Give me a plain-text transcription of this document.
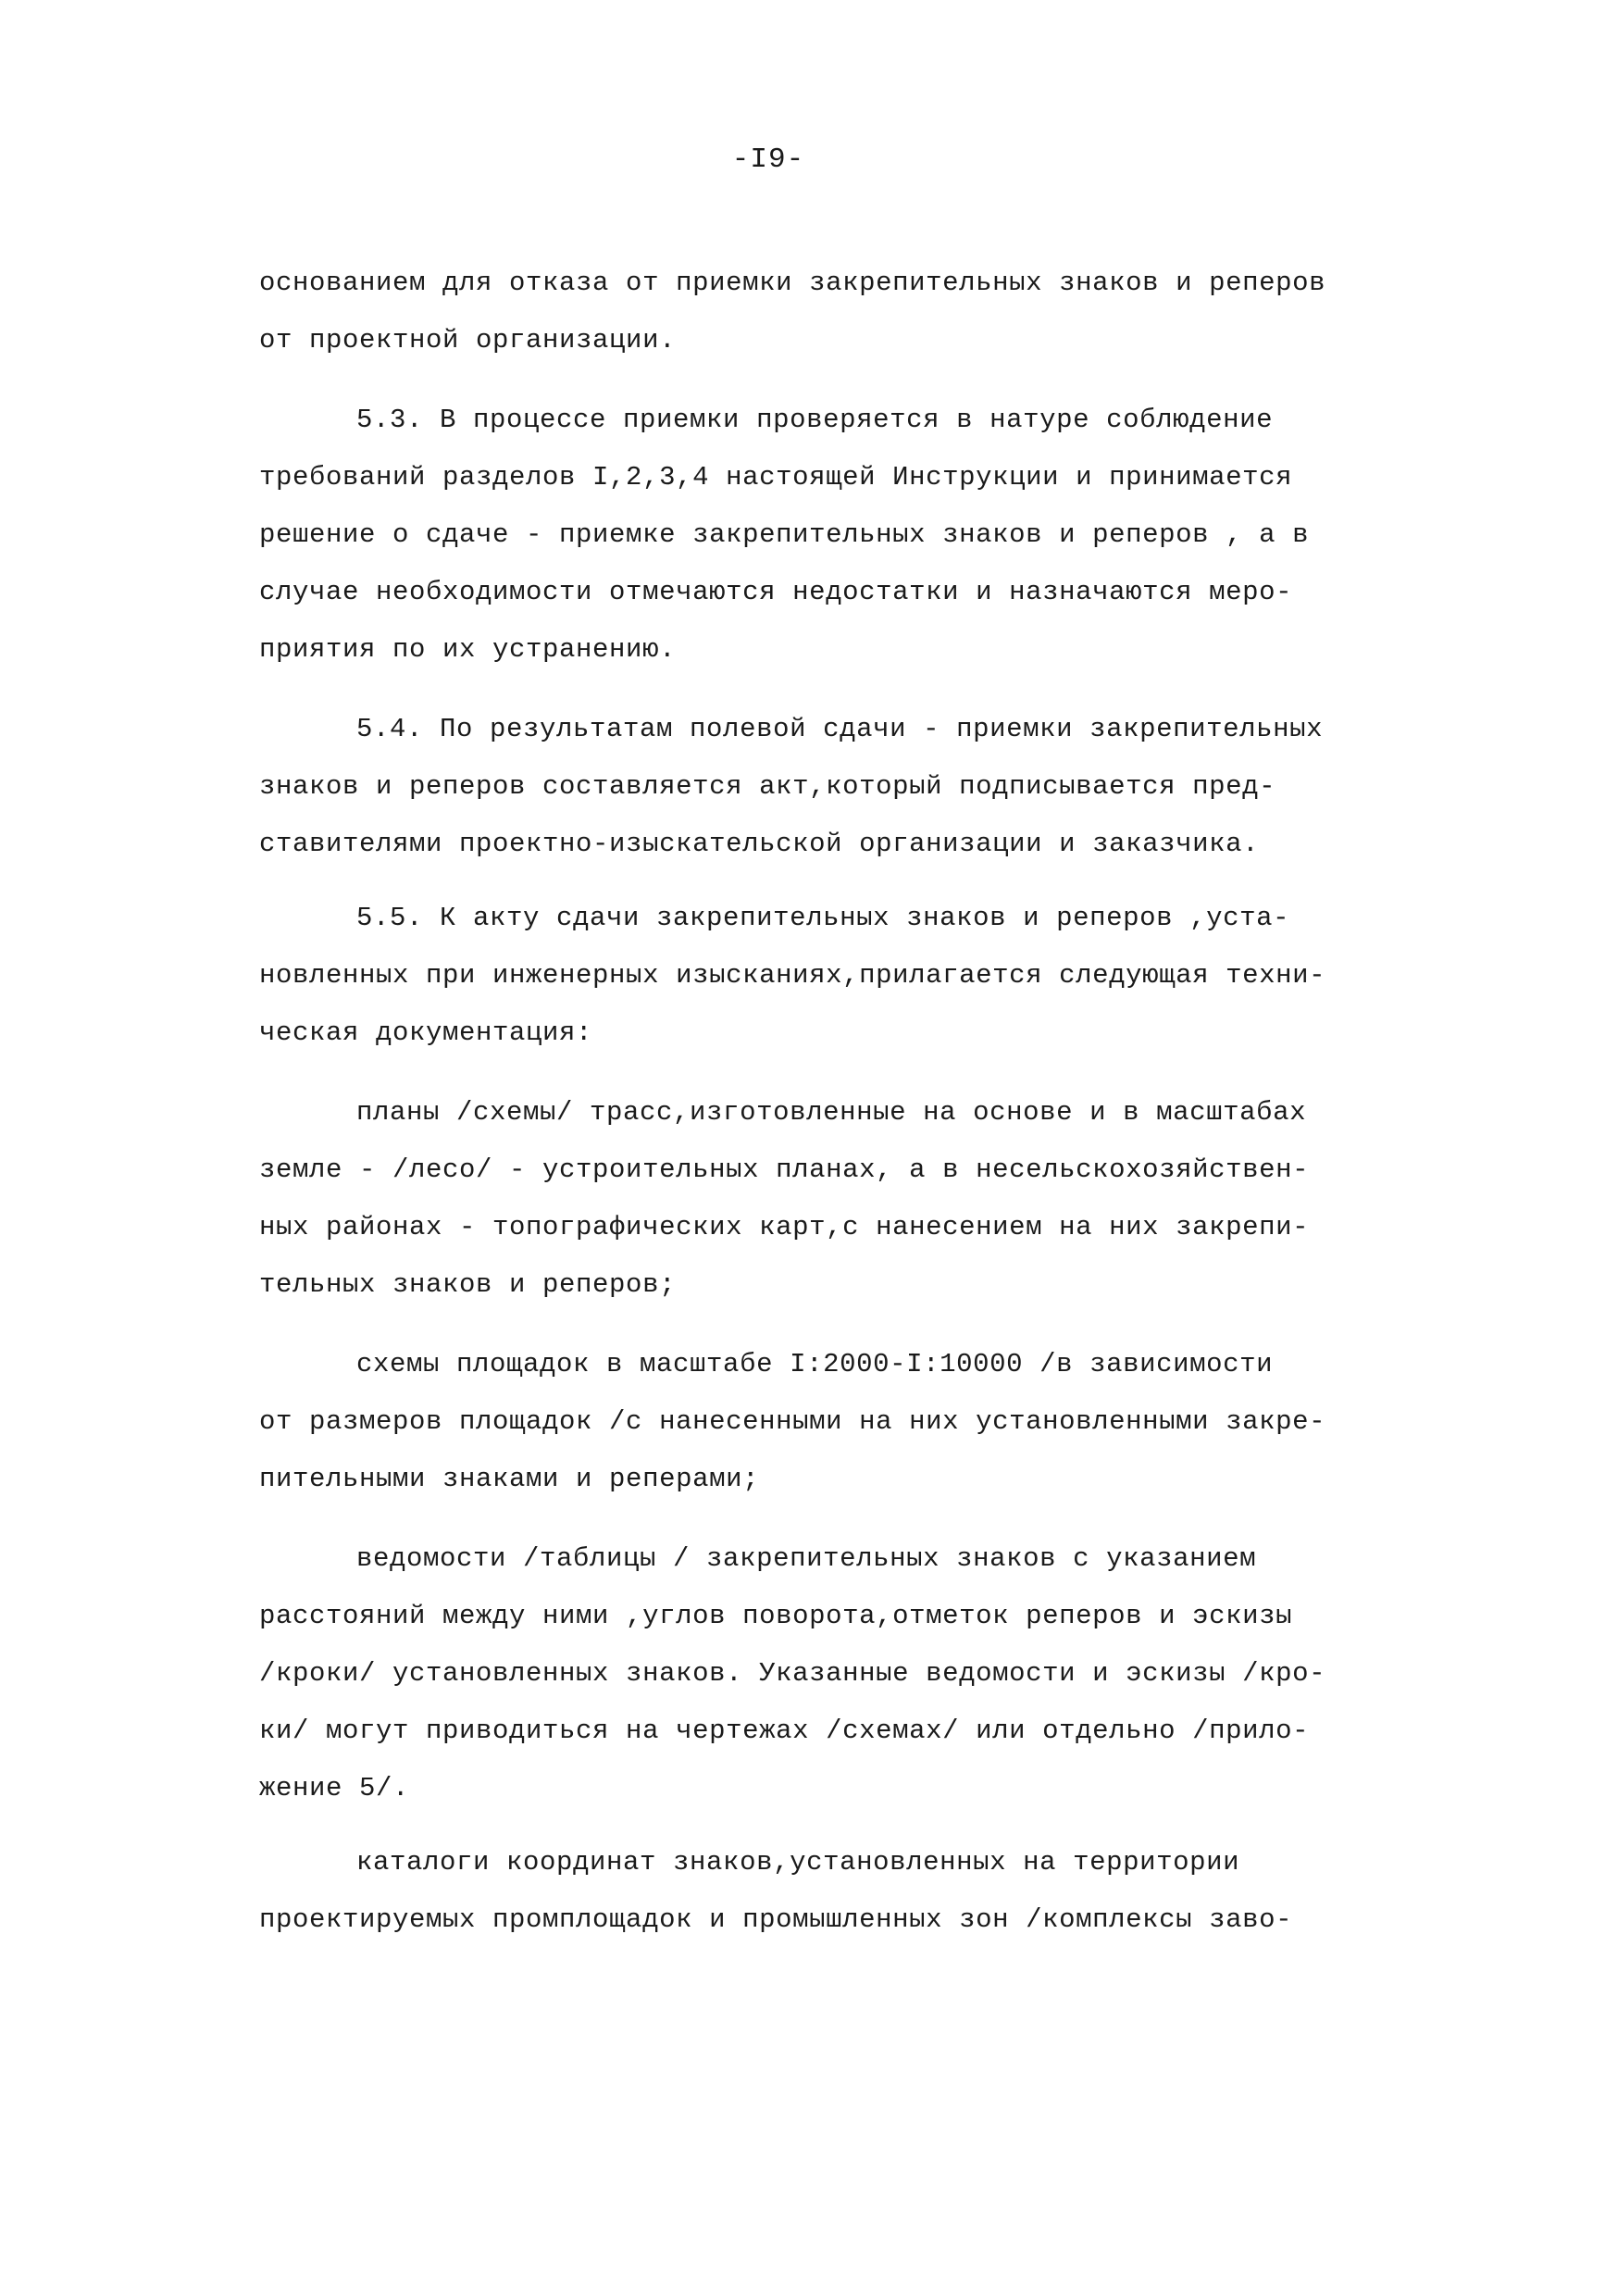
-I9-
основанием для отказа от приемки закрепительных знаков и реперов
от проектной организации.
5.3. В процессе приемки проверяется в натуре соблюдение
требований разделов I,2,3,4 настоящей Инструкции и принимается
решение о сдаче - приемке закрепительных знаков и реперов , а в
случае необходимости отмечаются недостатки и назначаются меро-
приятия по их устранению.
5.4. По результатам полевой сдачи - приемки закрепительных
знаков и реперов составляется акт,который подписывается пред-
ставителями проектно-изыскательской организации и заказчика.
5.5. К акту сдачи закрепительных знаков и реперов ,уста-
новленных при инженерных изысканиях,прилагается следующая техни-
ческая документация:
планы /схемы/ трасс,изготовленные на основе и в масштабах
земле - /лесо/ - устроительных планах, а в несельскохозяйствен-
ных районах - топографических карт,с нанесением на них закрепи-
тельных знаков и реперов;
схемы площадок в масштабе I:2000-I:10000 /в зависимости
от размеров площадок /с нанесенными на них установленными закре-
пительными знаками и реперами;
ведомости /таблицы / закрепительных знаков с указанием
расстояний между ними ,углов поворота,отметок реперов и эскизы
/кроки/ установленных знаков. Указанные ведомости и эскизы /кро-
ки/ могут приводиться на чертежах /схемах/ или отдельно /прило-
жение 5/.
каталоги координат знаков,установленных на территории
проектируемых промплощадок и промышленных зон /комплексы заво-
